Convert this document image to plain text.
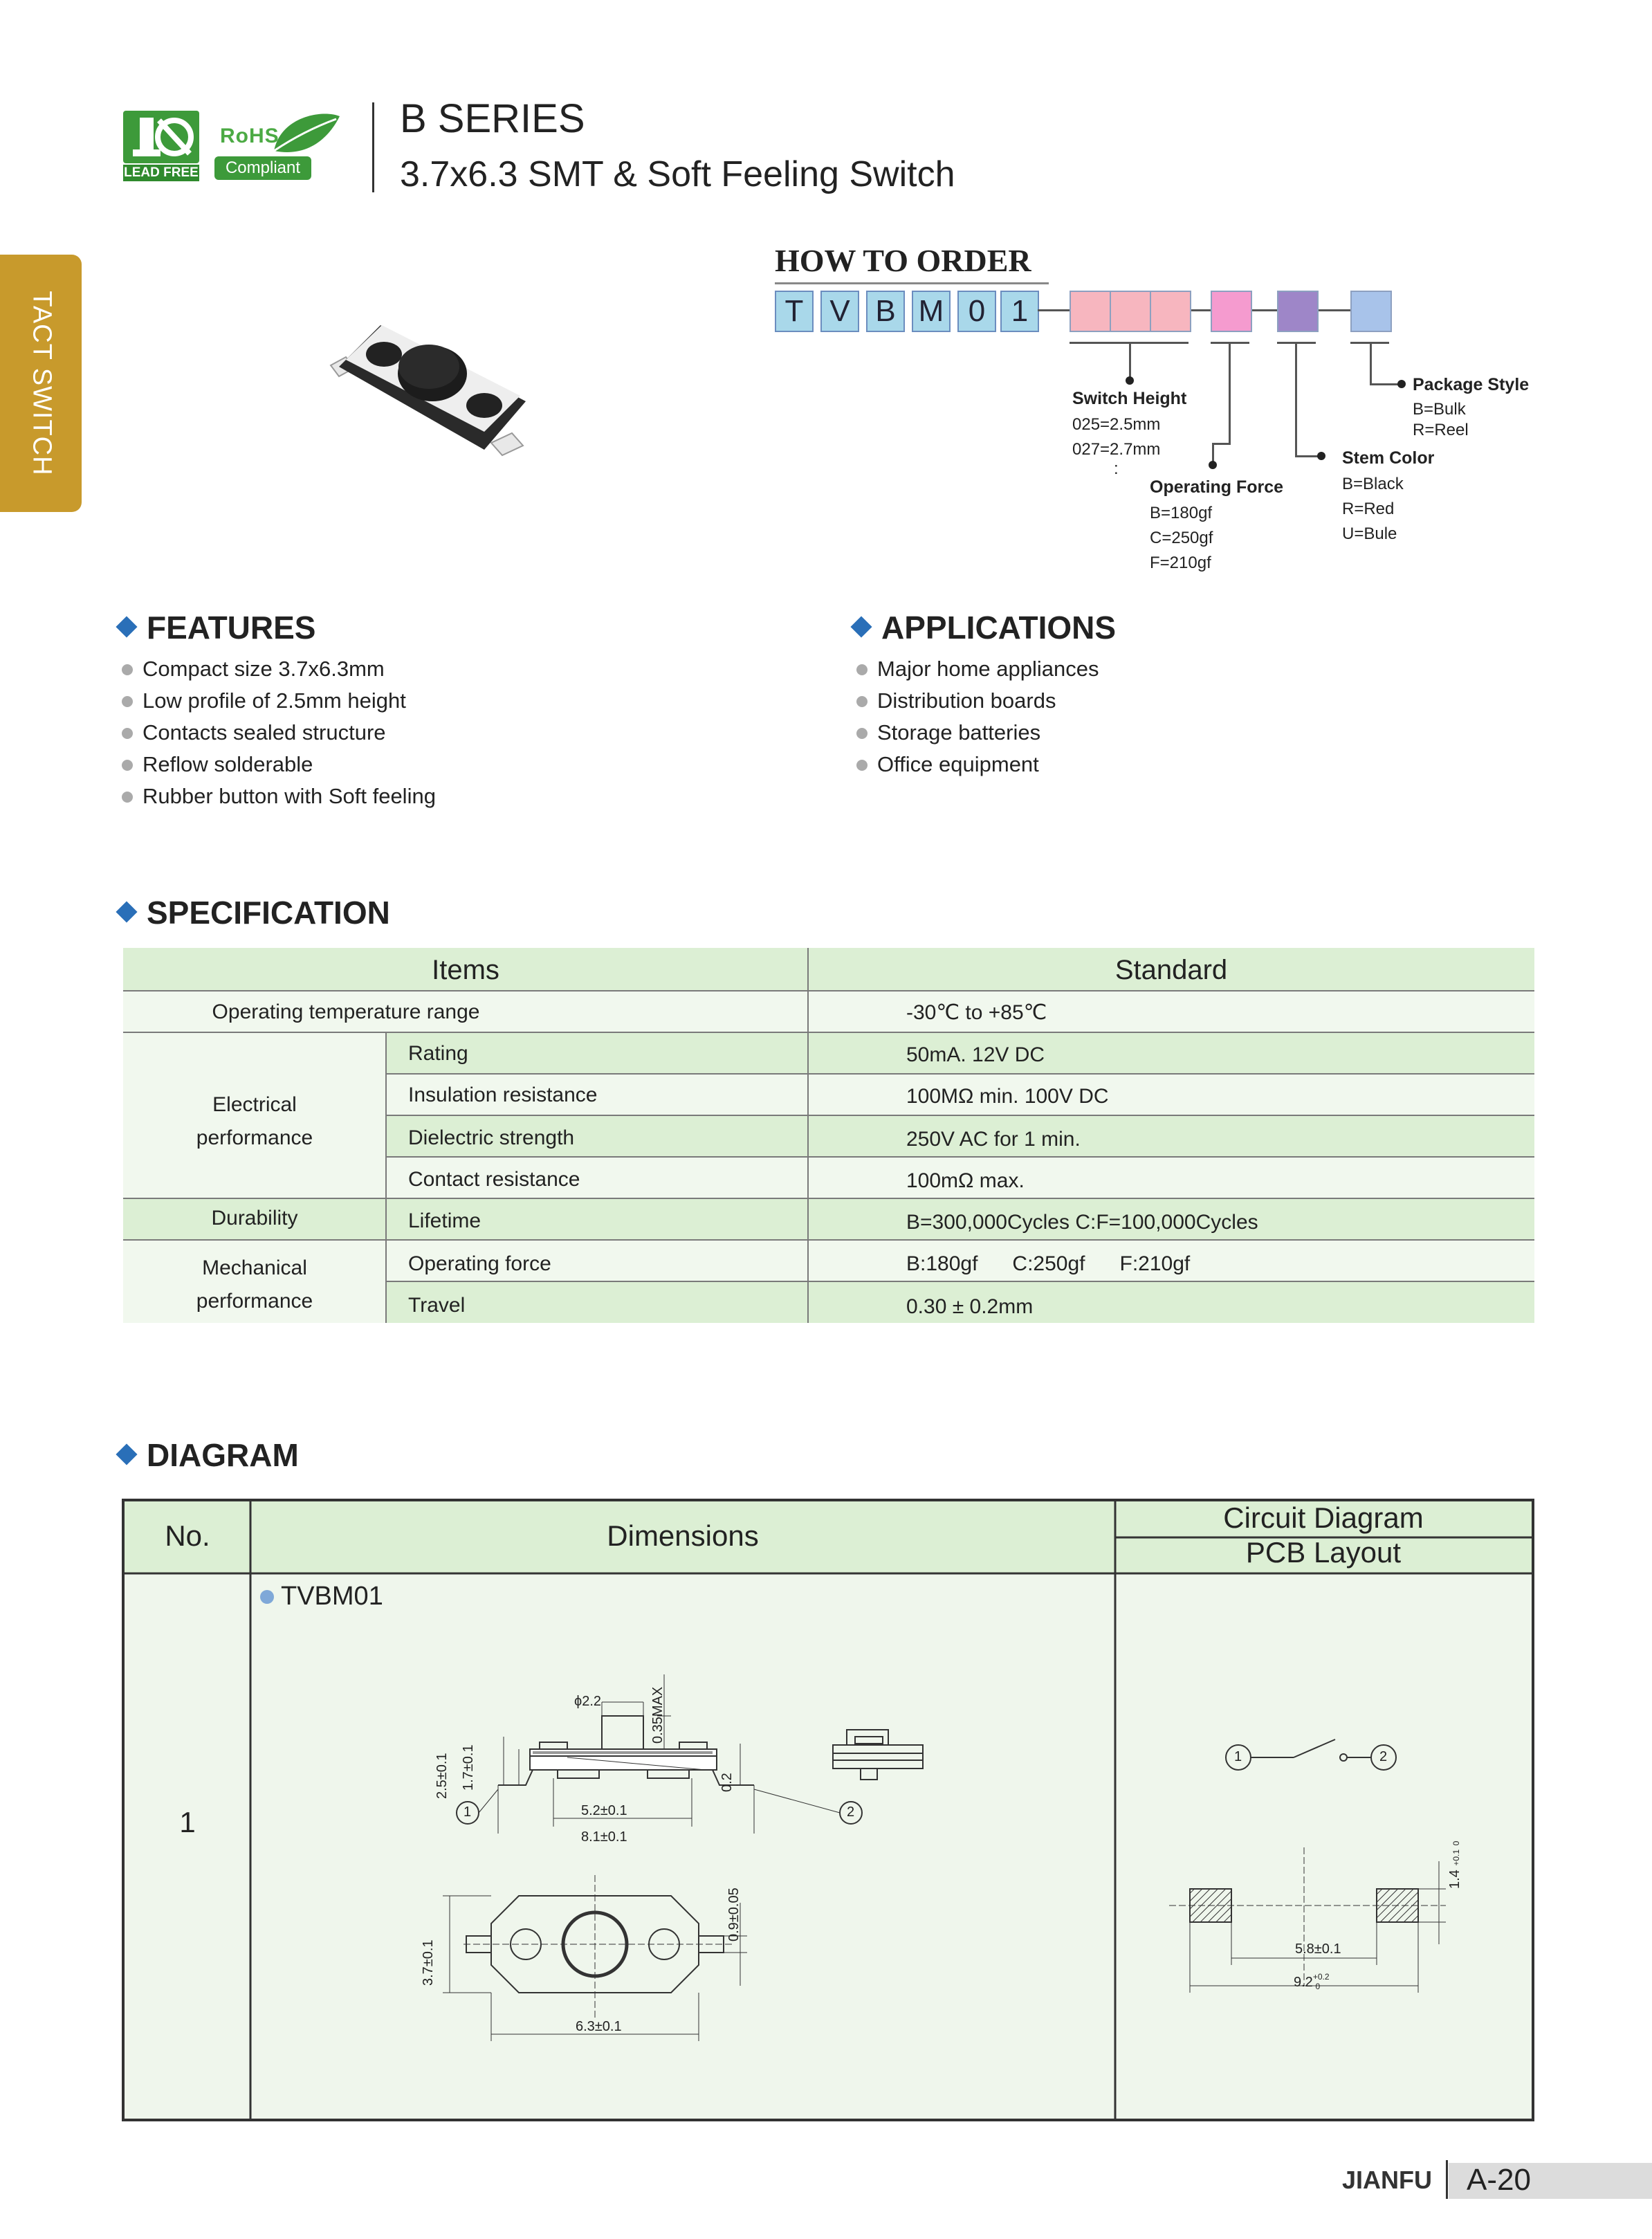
LEAD FREE
RoHS
Compliant
B SERIES
3.7x6.3 SMT & Soft Feeling Switch
TACT SWITCH
HOW TO ORDER
T V B M 0 1
Switch Height
025=2.5mm
027=2.7mm
:
Operating Force
B=180gf
C=250gf
F=210gf
Stem Color
B=Black
R=Red
U=Bule
Package Style
B=Bulk
R=Reel
FEATURES
Compact size 3.7x6.3mm
Low profile of 2.5mm height
Contacts sealed structure
Reflow solderable
Rubber button with Soft feeling
APPLICATIONS
Major home appliances
Distribution boards
Storage batteries
Office equipment
SPECIFICATION
Items	Standard
Operating temperature range	-30℃ to +85℃
Electrical
performance
Rating	50mA. 12V DC
Insulation resistance	100MΩ min. 100V DC
Dielectric strength	250V AC for 1 min.
Contact resistance	100mΩ max.
Durability	Lifetime	B=300,000Cycles C:F=100,000Cycles
Mechanical
performance
Operating force	B:180gf      C:250gf      F:210gf
Travel	0.30 ± 0.2mm
DIAGRAM
No.	Dimensions
Circuit Diagram
PCB Layout
1
TVBM01
ϕ2.2	0.35MAX
2.5±0.1 1.7±0.1	0.2
5.2±0.1
8.1±0.1
1	2
3.7±0.1
0.9±0.05
6.3±0.1
1	2
5.8±0.1
$9.2^{+0.2}_0$
1.4 +0.1 0
JIANFU A-20
